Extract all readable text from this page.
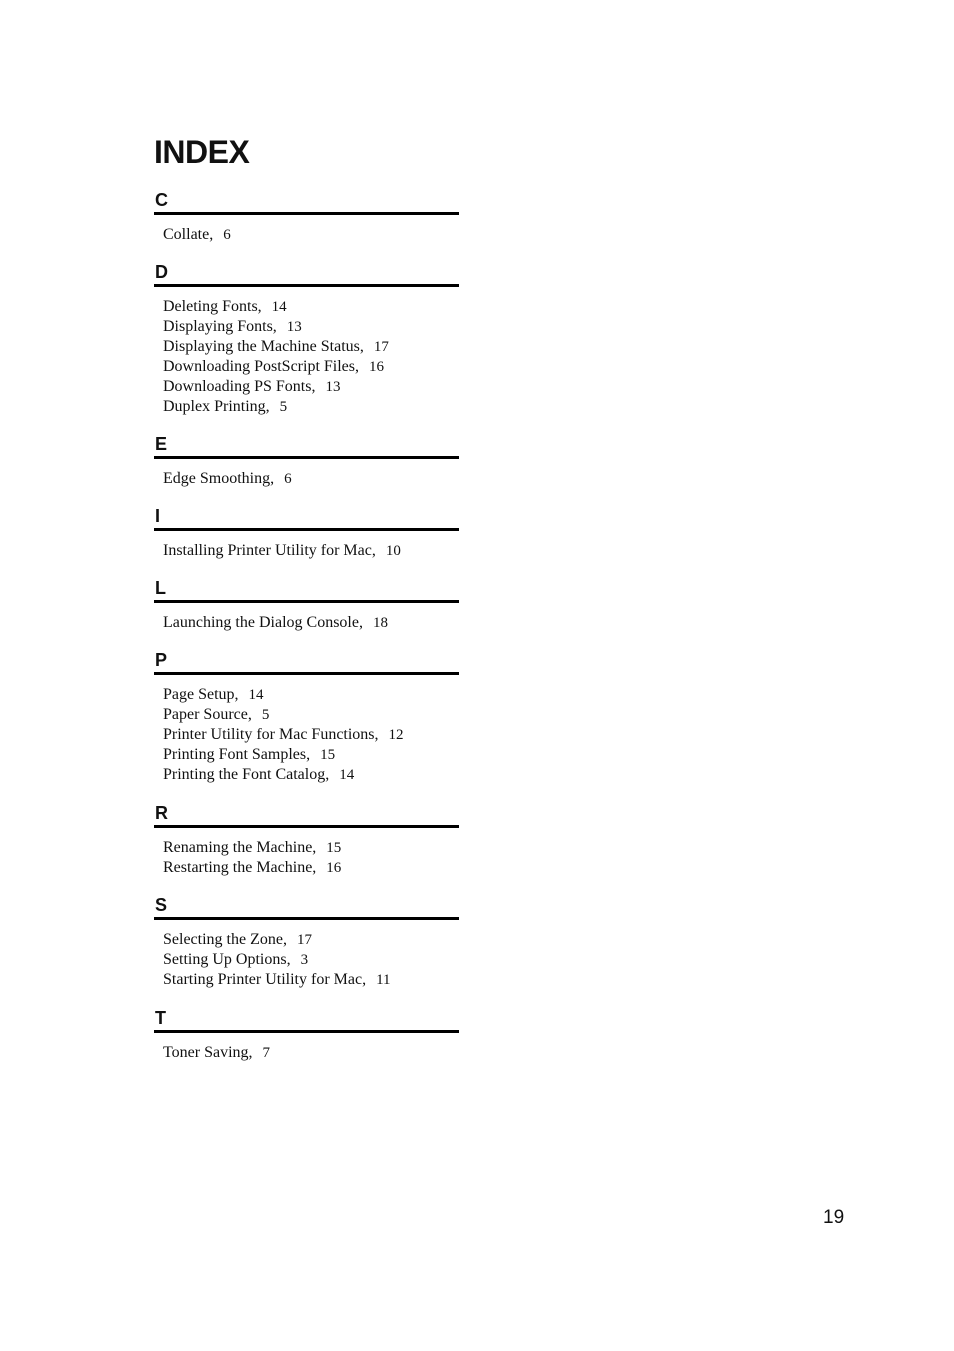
INDEX
C
Collate, 6
D
Deleting Fonts, 14
Displaying Fonts, 13
Displaying the Machine Status, 17
Downloading PostScript Files, 16
Downloading PS Fonts, 13
Duplex Printing, 5
E
Edge Smoothing, 6
I
Installing Printer Utility for Mac, 10
L
Launching the Dialog Console, 18
P
Page Setup, 14
Paper Source, 5
Printer Utility for Mac Functions, 12
Printing Font Samples, 15
Printing the Font Catalog, 14
R
Renaming the Machine, 15
Restarting the Machine, 16
S
Selecting the Zone, 17
Setting Up Options, 3
Starting Printer Utility for Mac, 11
T
Toner Saving, 7
19
